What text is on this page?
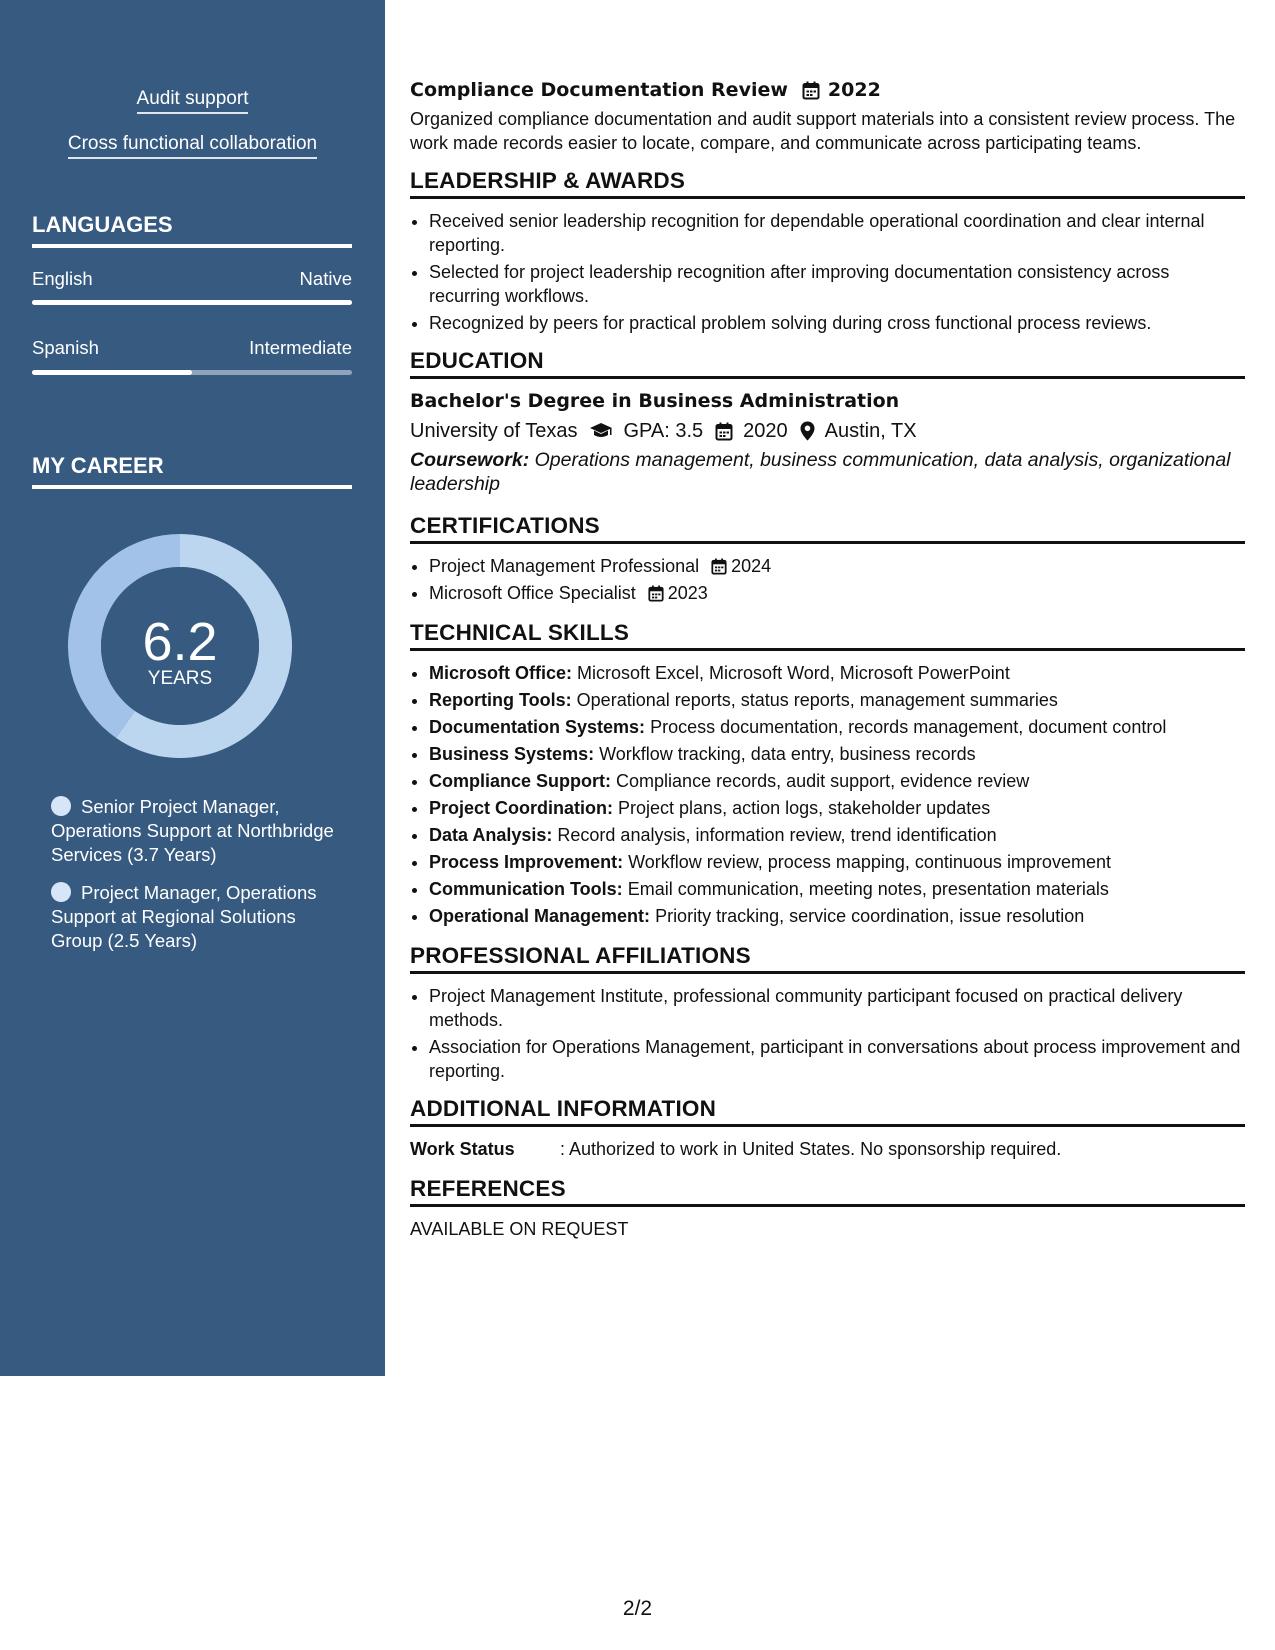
Audit support
Cross functional collaboration
LANGUAGES
English	Native
Spanish	Intermediate
MY CAREER
6.2
YEARS
Senior Project Manager, Operations Support at Northbridge Services (3.7 Years)
Project Manager, Operations Support at Regional Solutions Group (2.5 Years)
Compliance Documentation Review 2022
Organized compliance documentation and audit support materials into a consistent review process. The work made records easier to locate, compare, and communicate across participating teams.
LEADERSHIP & AWARDS
• Received senior leadership recognition for dependable operational coordination and clear internal reporting.
• Selected for project leadership recognition after improving documentation consistency across recurring workflows.
• Recognized by peers for practical problem solving during cross functional process reviews.
EDUCATION
Bachelor's Degree in Business Administration
University of Texas GPA: 3.5 2020 Austin, TX
Coursework: Operations management, business communication, data analysis, organizational leadership
CERTIFICATIONS
• Project Management Professional 2024
• Microsoft Office Specialist 2023
TECHNICAL SKILLS
• Microsoft Office: Microsoft Excel, Microsoft Word, Microsoft PowerPoint
• Reporting Tools: Operational reports, status reports, management summaries
• Documentation Systems: Process documentation, records management, document control
• Business Systems: Workflow tracking, data entry, business records
• Compliance Support: Compliance records, audit support, evidence review
• Project Coordination: Project plans, action logs, stakeholder updates
• Data Analysis: Record analysis, information review, trend identification
• Process Improvement: Workflow review, process mapping, continuous improvement
• Communication Tools: Email communication, meeting notes, presentation materials
• Operational Management: Priority tracking, service coordination, issue resolution
PROFESSIONAL AFFILIATIONS
• Project Management Institute, professional community participant focused on practical delivery methods.
• Association for Operations Management, participant in conversations about process improvement and reporting.
ADDITIONAL INFORMATION
Work Status	: Authorized to work in United States. No sponsorship required.
REFERENCES
AVAILABLE ON REQUEST
2/2
